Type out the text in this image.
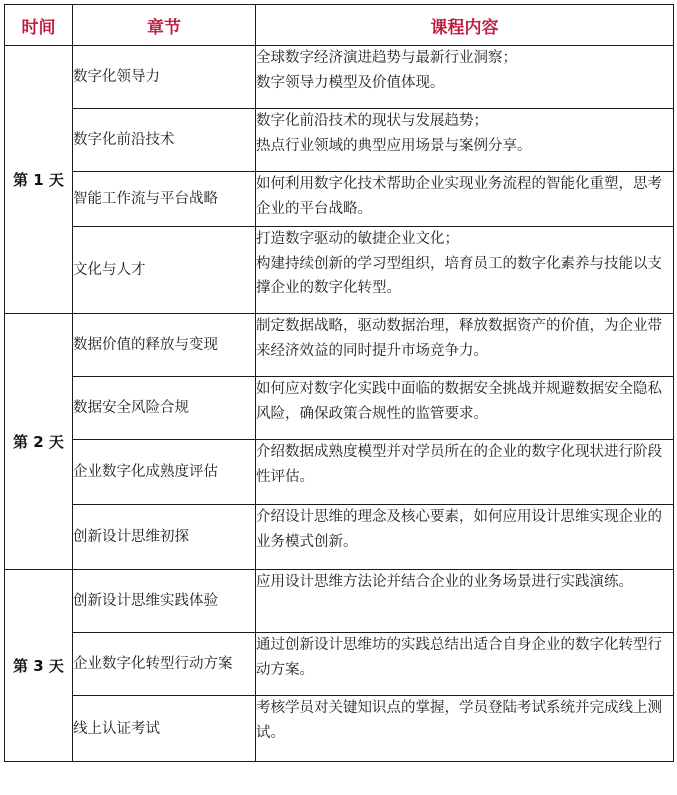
时间	章节	课程内容
第 1 天	数字化领导力	全球数字经济演进趋势与最新行业洞察；
数字领导力模型及价值体现。

	数字化前沿技术	数字化前沿技术的现状与发展趋势；
热点行业领域的典型应用场景与案例分享。

	智能工作流与平台战略	如何利用数字化技术帮助企业实现业务流程的智能化重塑，思考企业的平台战略。

	文化与人才	打造数字驱动的敏捷企业文化；
构建持续创新的学习型组织，培育员工的数字化素养与技能以支撑企业的数字化转型。

第 2 天	数据价值的释放与变现	制定数据战略，驱动数据治理，释放数据资产的价值，为企业带来经济效益的同时提升市场竞争力。

	数据安全风险合规	如何应对数字化实践中面临的数据安全挑战并规避数据安全隐私风险，确保政策合规性的监管要求。

	企业数字化成熟度评估	介绍数据成熟度模型并对学员所在的企业的数字化现状进行阶段性评估。

	创新设计思维初探	介绍设计思维的理念及核心要素，如何应用设计思维实现企业的业务模式创新。

第 3 天	创新设计思维实践体验	应用设计思维方法论并结合企业的业务场景进行实践演练。

	企业数字化转型行动方案	通过创新设计思维坊的实践总结出适合自身企业的数字化转型行动方案。

	线上认证考试	考核学员对关键知识点的掌握，学员登陆考试系统并完成线上测试。
